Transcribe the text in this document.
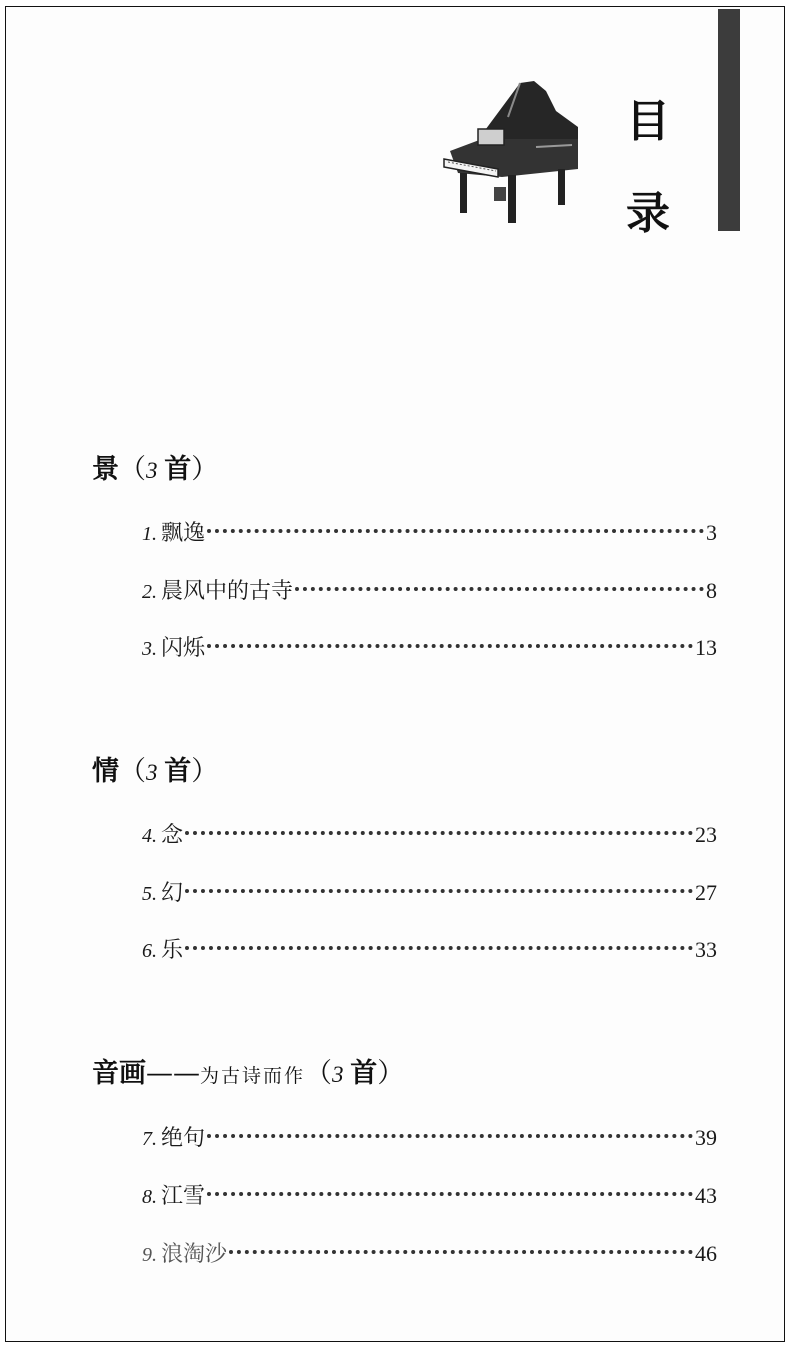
目
录
景（3 首）
1. 飘逸	3
2. 晨风中的古寺	8
3. 闪烁	13
情（3 首）
4. 念	23
5. 幻	27
6. 乐	33
音画——为古诗而作（3 首）
7. 绝句	39
8. 江雪	43
9. 浪淘沙	46
